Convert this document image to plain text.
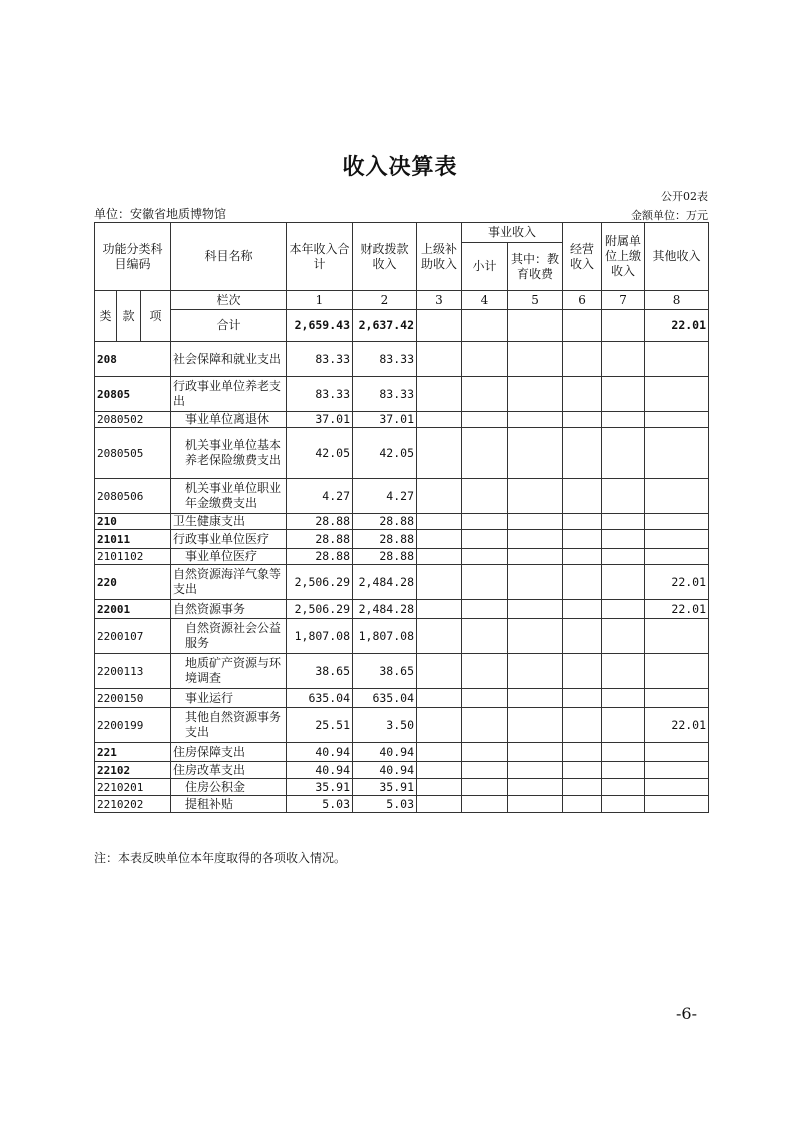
收入决算表
公开02表
单位：安徽省地质博物馆	金额单位：万元
功能分类科目编码			科目名称	本年收入合计	财政拨款收入	上级补助收入	事业收入		经营收入	附属单位上缴收入	其他收入
							小计	其中：教育收费			

类	款	项	栏次	1	2	3	4	5	6	7	8
			合计	2,659.43	2,637.42						22.01
208			社会保障和就业支出	83.33	83.33						
20805			行政事业单位养老支出	83.33	83.33						
2080502			事业单位离退休	37.01	37.01						
2080505			机关事业单位基本养老保险缴费支出	42.05	42.05						
2080506			机关事业单位职业年金缴费支出	4.27	4.27						
210			卫生健康支出	28.88	28.88						
21011			行政事业单位医疗	28.88	28.88						
2101102			事业单位医疗	28.88	28.88						
220			自然资源海洋气象等支出	2,506.29	2,484.28						22.01
22001			自然资源事务	2,506.29	2,484.28						22.01
2200107			自然资源社会公益服务	1,807.08	1,807.08						
2200113			地质矿产资源与环境调查	38.65	38.65						
2200150			事业运行	635.04	635.04						
2200199			其他自然资源事务支出	25.51	3.50						22.01
221			住房保障支出	40.94	40.94						
22102			住房改革支出	40.94	40.94						
2210201			住房公积金	35.91	35.91						
2210202			提租补贴	5.03	5.03						
注：本表反映单位本年度取得的各项收入情况。
-6-
